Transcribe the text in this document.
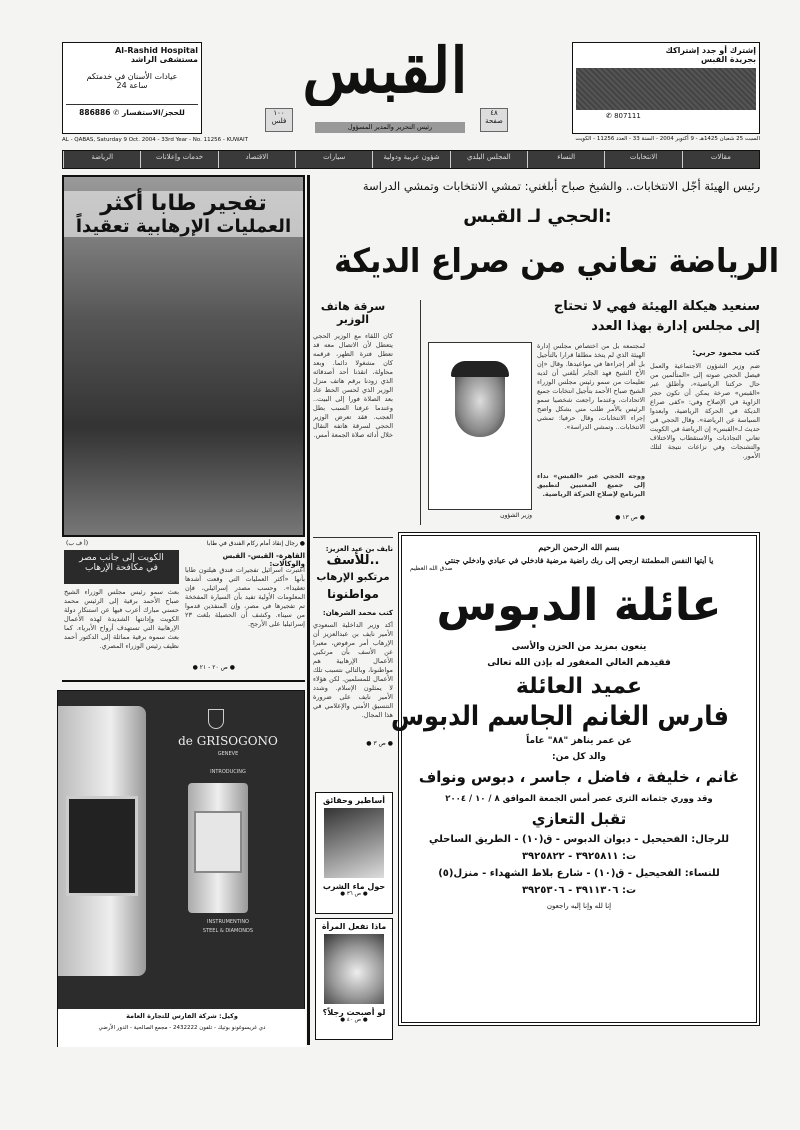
Al-Rashid Hospital
مستشفى الراشد
عيادات الأسنان في خدمتكم
24 ساعة
للحجز/الاستفسار ✆ 886886
القبس
١٠٠
فلس
٤٨
صفحة
رئيس التحرير والمدير المسؤول
إشترك أو جدد إشتراكك
بجريدة القبس
✆ 807111
AL - QABAS, Saturday 9 Oct. 2004 - 33rd Year - No. 11256 - KUWAIT	السبت 25 شعبان 1425هـ - 9 أكتوبر 2004 - السنة 33 - العدد 11256 - الكويت
مقالات
الانتخابات
النساء
المجلس البلدي
شؤون عربية ودولية
سيارات
الاقتصاد
خدمات وإعلانات
الرياضة
تفجير طابا أكثر
العمليات الإرهابية تعقيداً
● رجال إنقاذ أمام ركام الفندق في طابا
(أ ف ب)
القاهرة- القبس- القبس والوكالات:
اعتبرت اسرائيل تفجيرات فندق هيلتون طابا بأنها «أكثر العمليات التي وقعت أشدها تعقيدا». وحسب مصدر إسرائيلي، فإن المعلومات الأولية تفيد بأن السيارة المفخخة تم تفجيرها في مصر، وإن المنفذين قدموا من سيناء. وكشف أن الحصيلة بلغت ٢٣ إسرائيليا على الأرجح.
● ص ٢٠ - ٢١ ●
الكويت إلى جانب مصر
في مكافحة الإرهاب
بعث سمو رئيس مجلس الوزراء الشيخ صباح الأحمد برقية إلى الرئيس محمد حسني مبارك أعرب فيها عن استنكار دولة الكويت وإدانتها الشديدة لهذه الأعمال الإرهابية التي تستهدف أرواح الأبرياء. كما بعث سموه برقية مماثلة إلى الدكتور أحمد نظيف رئيس الوزراء المصري.
de GRISOGONO
GENEVE
INTRODUCING
INSTRUMENTINO
STEEL & DIAMONDS
وكيل: شركة الفارس للتجارة العامة
دي غريسوغونو بوتيك - تلفون 2432222 - مجمع الصالحية - الدور الأرضي
سرقة هاتف
الوزير
كان اللقاء مع الوزير الحجي يتعطل لأن الاتصال معه قد تعطل فترة الظهر، فرقمه كان مشغولا دائما. وبعد محاولة، انقذنا أحد أصدقائه الذي زودنا برقم هاتف منزل الوزير الذي لحسن الحظ عاد بعد الصلاة فورا إلى البيت.. وعندما عرفنا السبب بطل العجب. فقد تعرض الوزير الحجي لسرقة هاتفه النقال خلال أدائه صلاة الجمعة أمس.
نايف بن عبد العزيز:
للأسف..
مرتكبو الإرهاب
مواطنونا
كتب محمد الشرهان:
أكد وزير الداخلية السعودي الأمير نايف بن عبدالعزيز أن الإرهاب أمر مرفوض، معبرا عن الأسف بأن مرتكبي الأعمال الإرهابية هم مواطنونا، وبالتالي نتسبب تلك الأعمال للمسلمين. لكن هؤلاء لا يمثلون الإسلام. وشدد الأمير نايف على ضرورة التنسيق الأمني والإعلامي في هذا المجال.
● ص ٣ ●
أساطير وحقائق
حول ماء الشرب
● ص ٣٦ ●
ماذا تفعل المرأة
لو أصبحت رجلاً؟
● ص ٤٠ ●
رئيس الهيئة أجّل الانتخابات.. والشيخ صباح أبلغني: تمشي الانتخابات وتمشي الدراسة
الحجي لـ القبس:
الرياضة تعاني من صراع الديكة
سنعيد هيكلة الهيئة فهي لا تحتاج
إلى مجلس إدارة بهذا العدد
كتب محمود حربي:
ضم وزير الشؤون الاجتماعية والعمل فيصل الحجي صوته إلى «المتألمين من حال حركتنا الرياضية»، وأطلق عبر «القبس» صرخة يمكن أن تكون حجر الزاوية في الإصلاح وفي: «كفى صراع الديكة في الحركة الرياضية، وابعدوا السياسة عن الرياضة». وقال الحجي في حديث لـ«القبس» إن الرياضة في الكويت تعاني التجاذبات والاستقطاب والاختلاف والتشنجات وفي نزاعات نتيجة لتلك الأمور.
لمجتمعه بل من اختصاص مجلس إدارة الهيئة الذي لم يتخذ مطلقا قرارا بالتأجيل بل أقر إجراءها في مواعيدها. وقال «إن الأخ الشيخ فهد الجابر أبلغني أن لديه تعليمات من سمو رئيس مجلس الوزراء الشيخ صباح الأحمد بتأجيل انتخابات جميع الاتحادات، وعندما راجعت شخصيا سمو الرئيس بالأمر طلب مني بشكل واضح إجراء الانتخابات، وقال حرفيا: تمشي الانتخابات.. وتمشي الدراسة».
ووجه الحجي عبر «القبس» نداء إلى جميع المعنيين لتطبيق البرنامج لإصلاح الحركة الرياضية.
● ص ١٣ ●
وزير الشؤون
بسم الله الرحمن الرحيم
يا أيتها النفس المطمئنة ارجعي إلى ربك راضية مرضية فادخلي في عبادي وادخلي جنتي
صدق الله العظيم
عائلة الدبوس
ينعون بمزيد من الحزن والأسى
فقيدهم الغالي المغفور له بإذن الله تعالى
عميد العائلة
فارس الغانم الجاسم الدبوس
عن عمر يناهز "٨٨" عاماً
والد كل من:
غانم ، خليفة ، فاضل ، جاسر ، دبوس ونواف
وقد ووري جثمانه الثرى عصر أمس الجمعة الموافق ٨ / ١٠ / ٢٠٠٤
تقبل التعازي
للرجال: الفحيحيل - ديوان الدبوس - ق(١٠) - الطريق الساحلي
ت: ٣٩٢٥٨١١ - ٣٩٢٥٨٢٢
للنساء: الفحيحيل - ق(١٠) - شارع بلاط الشهداء - منزل(٥)
ت: ٣٩١١٣٠٦ - ٣٩٢٥٣٠٦
إنا لله وإنا إليه راجعون
